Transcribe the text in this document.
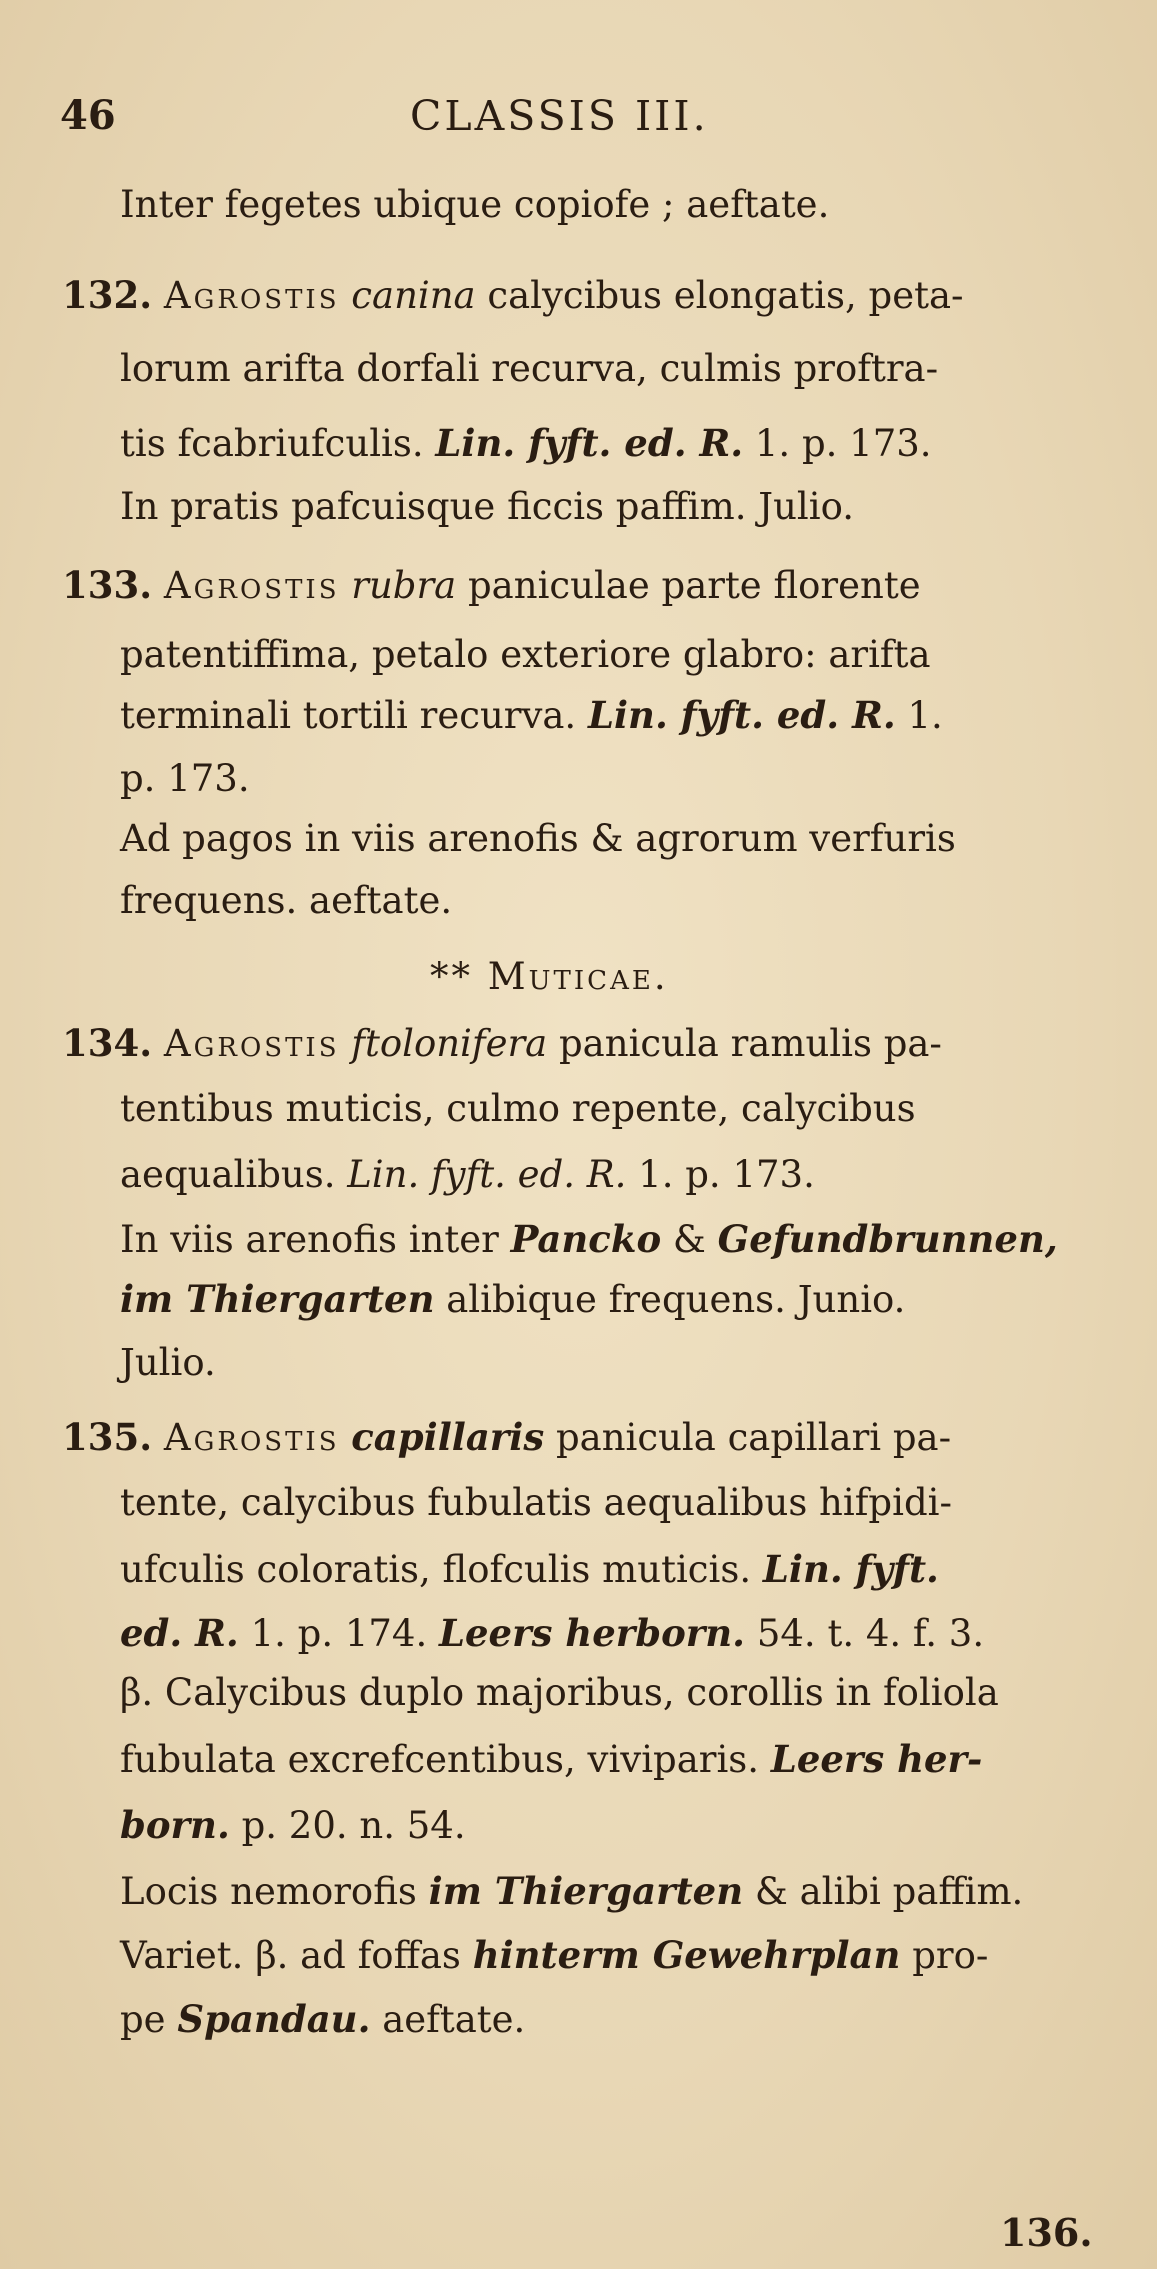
46	CLASSIS III.
Inter fegetes ubique copiofe ; aeftate.
132. Agrostis canina calycibus elongatis, peta-
lorum arifta dorfali recurva, culmis proftra-
tis fcabriufculis. Lin. fyft. ed. R. 1. p. 173.
In pratis pafcuisque ficcis paffim. Julio.
133. Agrostis rubra paniculae parte florente
patentiffima, petalo exteriore glabro: arifta
terminali tortili recurva. Lin. fyft. ed. R. 1.
p. 173.
Ad pagos in viis arenofis & agrorum verfuris
frequens. aeftate.
** Muticae.
134. Agrostis ftolonifera panicula ramulis pa-
tentibus muticis, culmo repente, calycibus
aequalibus. Lin. fyft. ed. R. 1. p. 173.
In viis arenofis inter Pancko & Gefundbrunnen,
im Thiergarten alibique frequens. Junio.
Julio.
135. Agrostis capillaris panicula capillari pa-
tente, calycibus fubulatis aequalibus hifpidi-
ufculis coloratis, flofculis muticis. Lin. fyft.
ed. R. 1. p. 174. Leers herborn. 54. t. 4. f. 3.
β. Calycibus duplo majoribus, corollis in foliola
fubulata excrefcentibus, viviparis. Leers her-
born. p. 20. n. 54.
Locis nemorofis im Thiergarten & alibi paffim.
Variet. β. ad foffas hinterm Gewehrplan pro-
pe Spandau. aeftate.
136.
